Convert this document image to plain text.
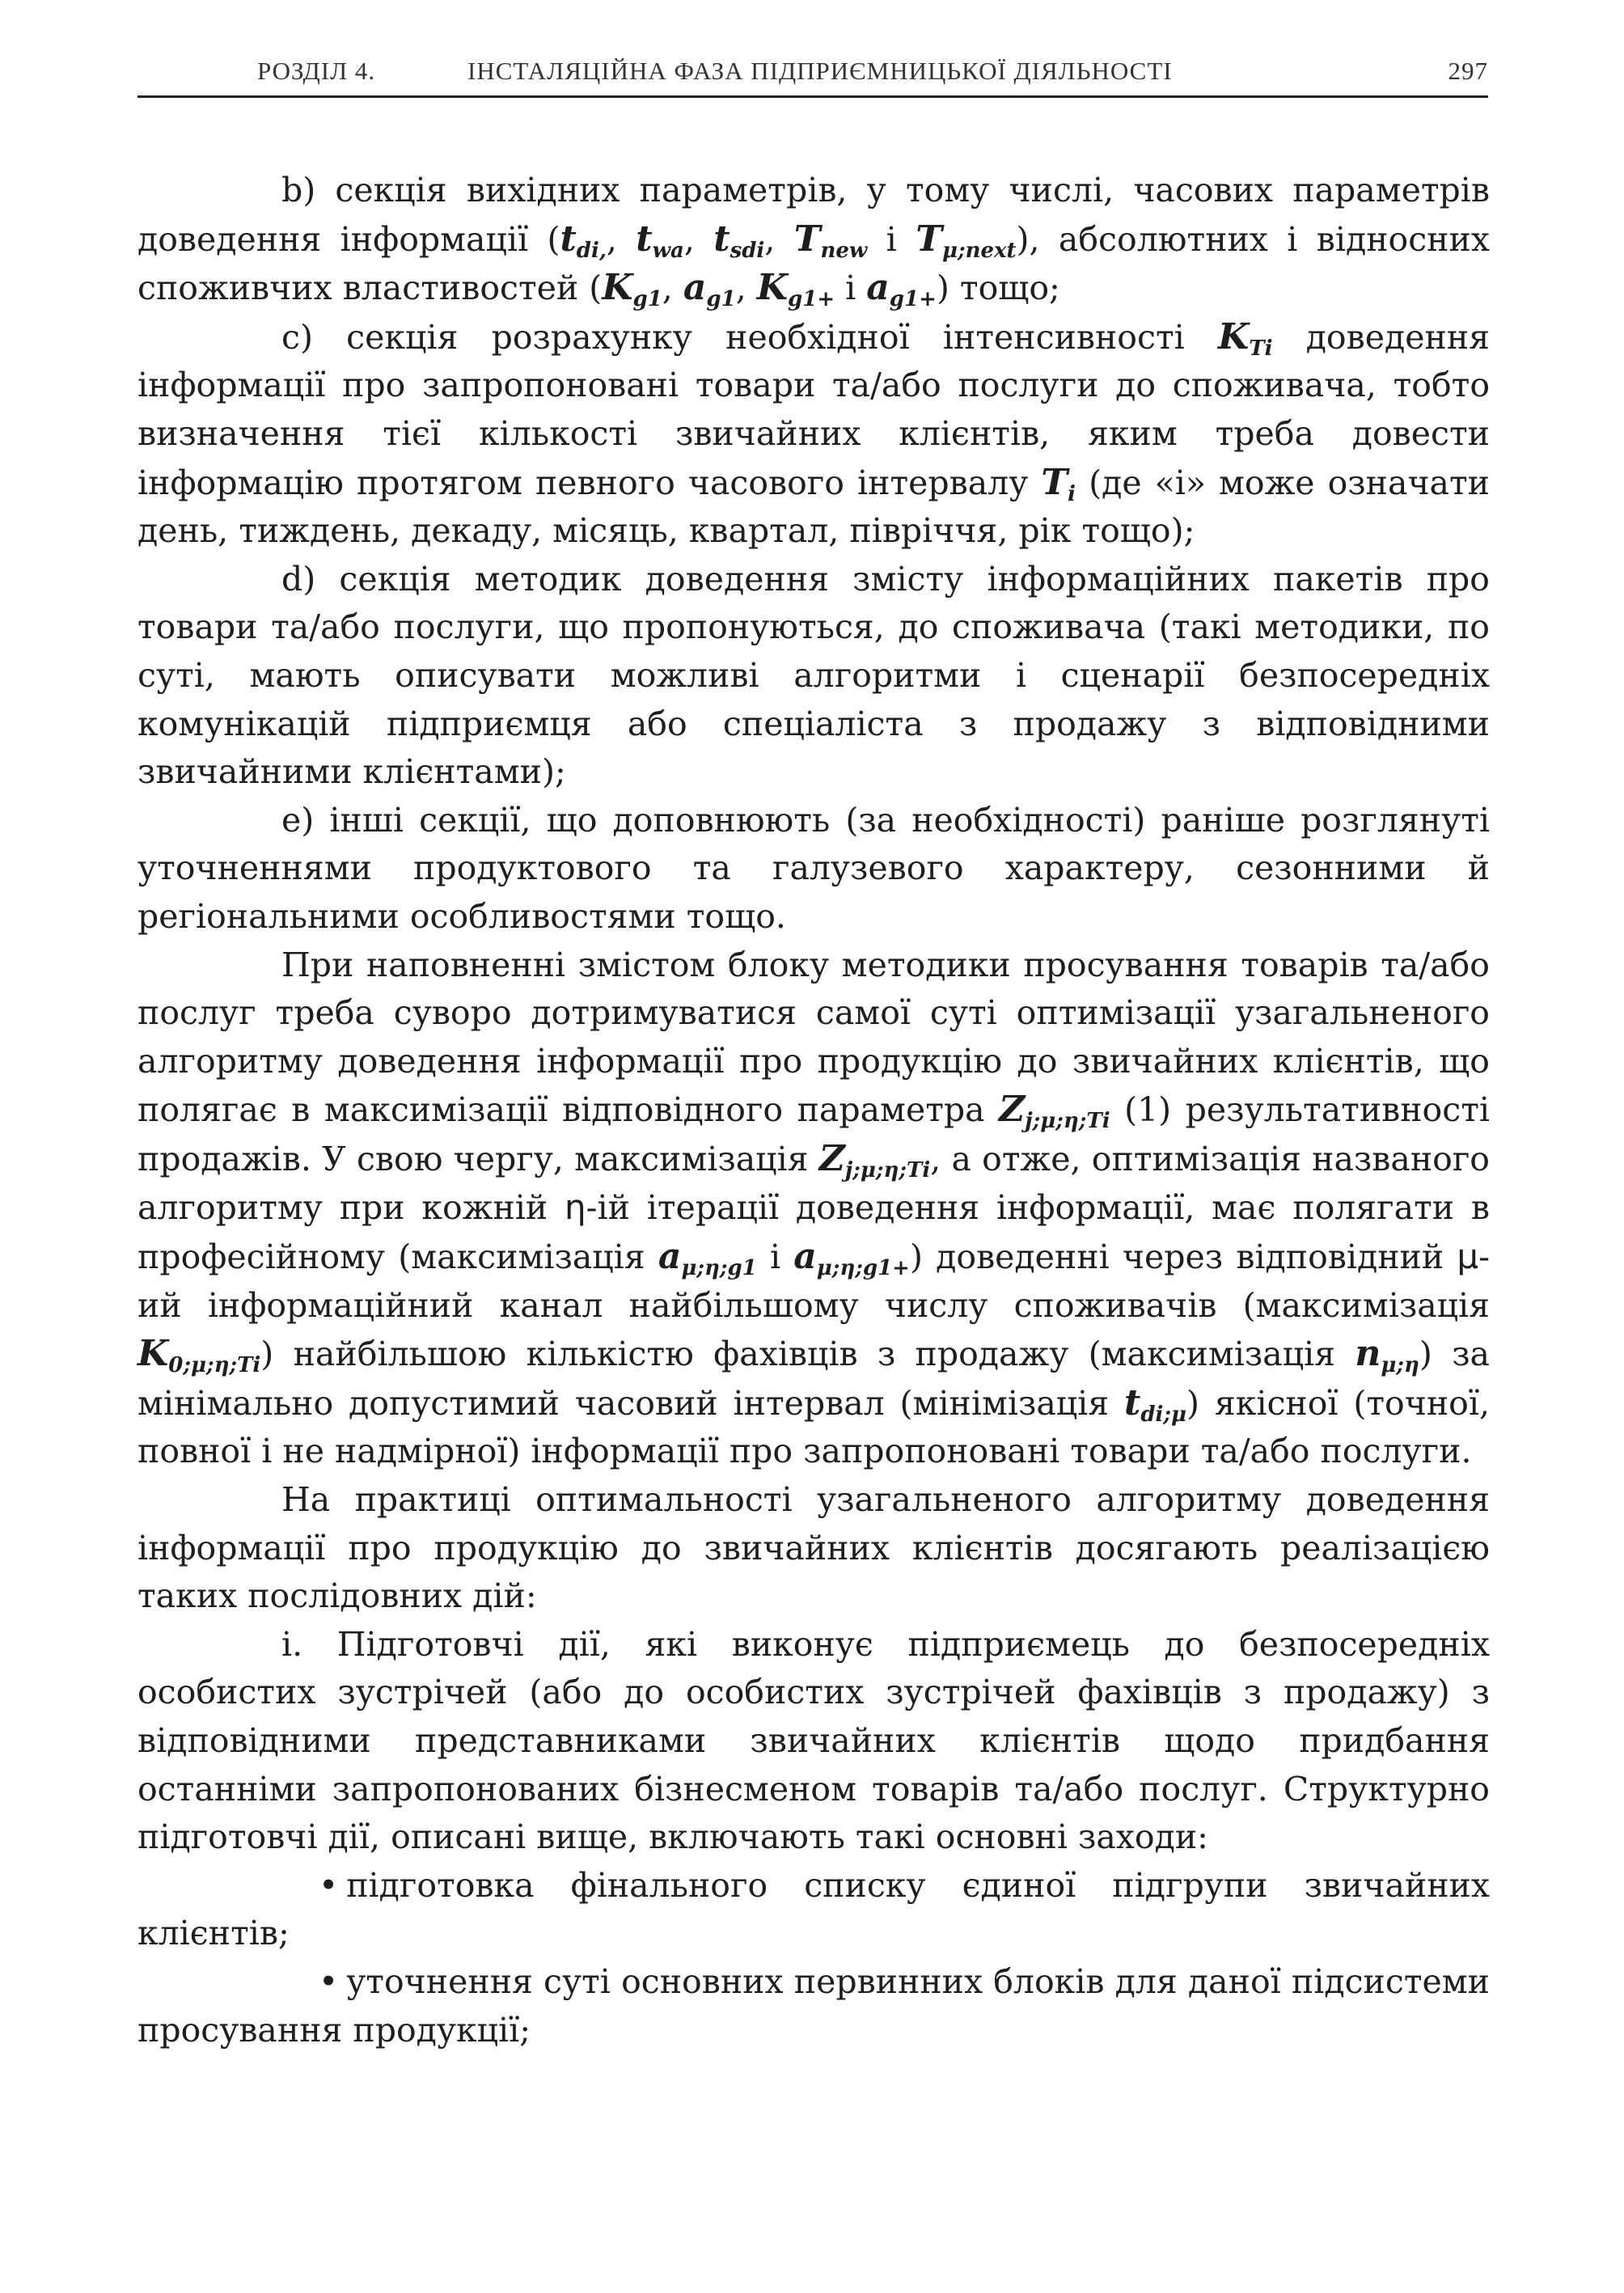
РОЗДІЛ 4.	ІНСТАЛЯЦІЙНА ФАЗА ПІДПРИЄМНИЦЬКОЇ ДІЯЛЬНОСТІ	297

b) секція вихідних параметрів, у тому числі, часових параметрів доведення інформації ($t_{di,}$, $t_{wa}$, $t_{sdi}$, $T_{new}$ і $T_{\mu;next}$), абсолютних і відносних споживчих властивостей ($K_{g1}$, $a_{g1}$, $K_{g1+}$ і $a_{g1+}$) тощо;

c) секція розрахунку необхідної інтенсивності $K_{Ti}$ доведення інформації про запропоновані товари та/або послуги до споживача, тобто визначення тієї кількості звичайних клієнтів, яким треба довести інформацію протягом певного часового інтервалу $T_i$ (де «і» може означати день, тиждень, декаду, місяць, квартал, півріччя, рік тощо);

d) секція методик доведення змісту інформаційних пакетів про товари та/або послуги, що пропонуються, до споживача (такі методики, по суті, мають описувати можливі алгоритми і сценарії безпосередніх комунікацій підприємця або спеціаліста з продажу з відповідними звичайними клієнтами);

e) інші секції, що доповнюють (за необхідності) раніше розглянуті уточненнями продуктового та галузевого характеру, сезонними й регіональними особливостями тощо.

При наповненні змістом блоку методики просування товарів та/або послуг треба суворо дотримуватися самої суті оптимізації узагальненого алгоритму доведення інформації про продукцію до звичайних клієнтів, що полягає в максимізації відповідного параметра $Z_{j;\mu;\eta;Ti}$ (1) результативності продажів. У свою чергу, максимізація $Z_{j;\mu;\eta;Ti}$, а отже, оптимізація названого алгоритму при кожній η-ій ітерації доведення інформації, має полягати в професійному (максимізація $a_{\mu;\eta;g1}$ і $a_{\mu;\eta;g1+}$) доведенні через відповідний μ-ий інформаційний канал найбільшому числу споживачів (максимізація $K_{0;\mu;\eta;Ti}$) найбільшою кількістю фахівців з продажу (максимізація $n_{\mu;\eta}$) за мінімально допустимий часовий інтервал (мінімізація $t_{di;\mu}$) якісної (точної, повної і не надмірної) інформації про запропоновані товари та/або послуги.

На практиці оптимальності узагальненого алгоритму доведення інформації про продукцію до звичайних клієнтів досягають реалізацією таких послідовних дій:

і. Підготовчі дії, які виконує підприємець до безпосередніх особистих зустрічей (або до особистих зустрічей фахівців з продажу) з відповідними представниками звичайних клієнтів щодо придбання останніми запропонованих бізнесменом товарів та/або послуг. Структурно підготовчі дії, описані вище, включають такі основні заходи:

• підготовка фінального списку єдиної підгрупи звичайних клієнтів;

• уточнення суті основних первинних блоків для даної підсистеми просування продукції;
